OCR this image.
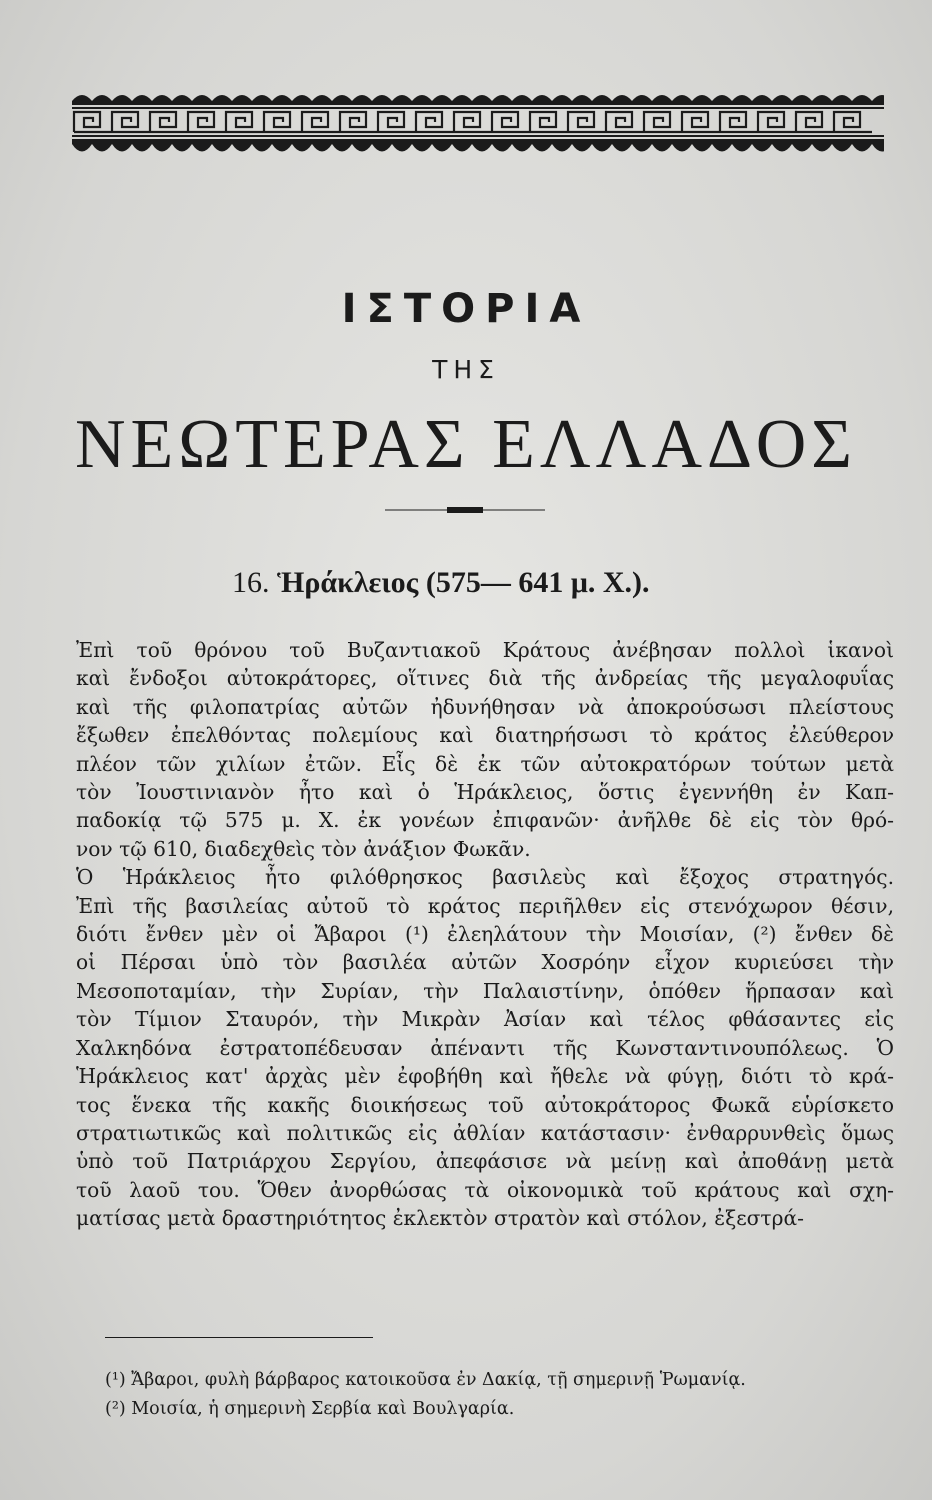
ΙΣΤΟΡΙΑ
ΤΗΣ
ΝΕΩΤΕΡΑΣ ΕΛΛΑΔΟΣ
16. Ἡράκλειος (575— 641 μ. Χ.).
Ἐπὶ τοῦ θρόνου τοῦ Βυζαντιακοῦ Κράτους ἀνέβησαν πολλοὶ ἱκανοὶ
καὶ ἔνδοξοι αὐτοκράτορες, οἵτινες διὰ τῆς ἀνδρείας τῆς μεγαλοφυΐας
καὶ τῆς φιλοπατρίας αὐτῶν ἠδυνήθησαν νὰ ἀποκρούσωσι πλείστους
ἔξωθεν ἐπελθόντας πολεμίους καὶ διατηρήσωσι τὸ κράτος ἐλεύθερον
πλέον τῶν χιλίων ἐτῶν. Εἷς δὲ ἐκ τῶν αὐτοκρατόρων τούτων μετὰ
τὸν Ἰουστινιανὸν ἦτο καὶ ὁ Ἡράκλειος, ὅστις ἐγεννήθη ἐν Καπ-
παδοκίᾳ τῷ 575 μ. Χ. ἐκ γονέων ἐπιφανῶν· ἀνῆλθε δὲ εἰς τὸν θρό-
νον τῷ 610, διαδεχθεὶς τὸν ἀνάξιον Φωκᾶν.
Ὁ Ἡράκλειος ἦτο φιλόθρησκος βασιλεὺς καὶ ἔξοχος στρατηγός.
Ἐπὶ τῆς βασιλείας αὐτοῦ τὸ κράτος περιῆλθεν εἰς στενόχωρον θέσιν,
διότι ἔνθεν μὲν οἱ Ἄβαροι (¹) ἐλεηλάτουν τὴν Μοισίαν, (²) ἔνθεν δὲ
οἱ Πέρσαι ὑπὸ τὸν βασιλέα αὐτῶν Χοσρόην εἶχον κυριεύσει τὴν
Μεσοποταμίαν, τὴν Συρίαν, τὴν Παλαιστίνην, ὁπόθεν ἥρπασαν καὶ
τὸν Τίμιον Σταυρόν, τὴν Μικρὰν Ἀσίαν καὶ τέλος φθάσαντες εἰς
Χαλκηδόνα ἐστρατοπέδευσαν ἀπέναντι τῆς Κωνσταντινουπόλεως. Ὁ
Ἡράκλειος κατ' ἀρχὰς μὲν ἐφοβήθη καὶ ἤθελε νὰ φύγῃ, διότι τὸ κρά-
τος ἕνεκα τῆς κακῆς διοικήσεως τοῦ αὐτοκράτορος Φωκᾶ εὑρίσκετο
στρατιωτικῶς καὶ πολιτικῶς εἰς ἀθλίαν κατάστασιν· ἐνθαρρυνθεὶς ὅμως
ὑπὸ τοῦ Πατριάρχου Σεργίου, ἀπεφάσισε νὰ μείνῃ καὶ ἀποθάνῃ μετὰ
τοῦ λαοῦ του. Ὅθεν ἀνορθώσας τὰ οἰκονομικὰ τοῦ κράτους καὶ σχη-
ματίσας μετὰ δραστηριότητος ἐκλεκτὸν στρατὸν καὶ στόλον, ἐξεστρά-
(¹) Ἄβαροι, φυλὴ βάρβαρος κατοικοῦσα ἐν Δακίᾳ, τῇ σημερινῇ Ῥωμανίᾳ.
(²) Μοισία, ἡ σημερινὴ Σερβία καὶ Βουλγαρία.
